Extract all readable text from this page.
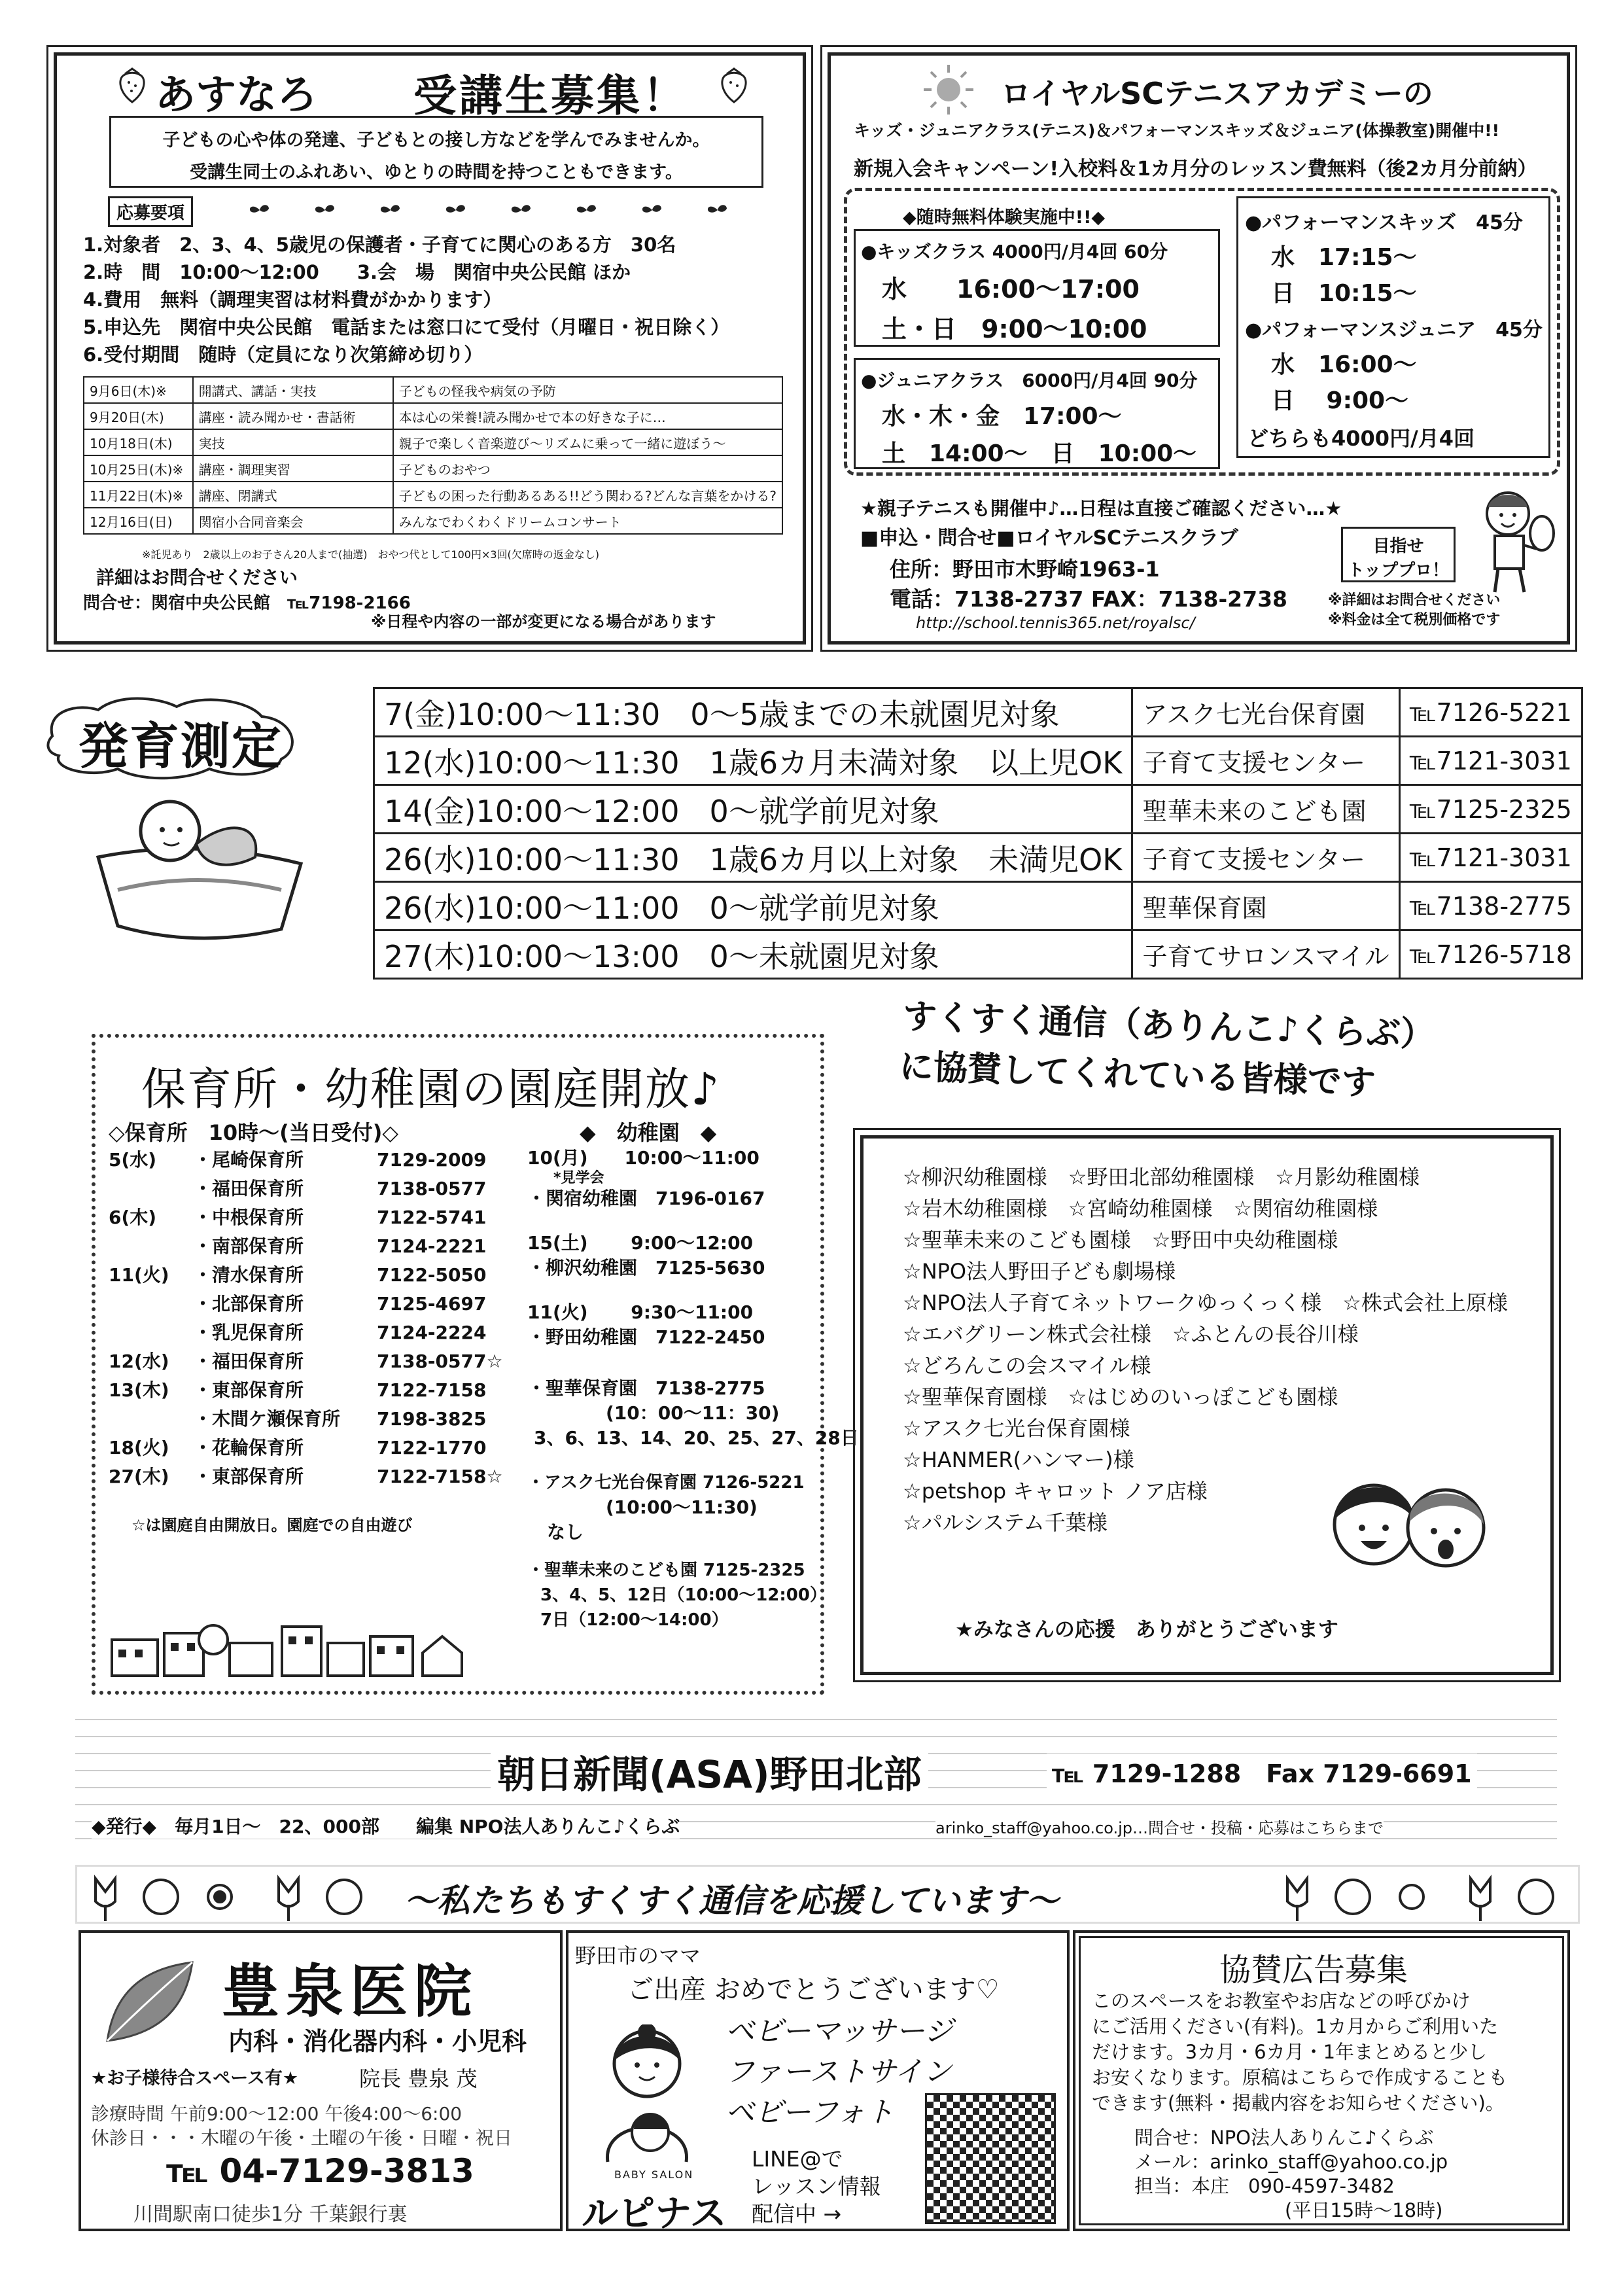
あすなろ 受講生募集！
子どもの心や体の発達、子どもとの接し方などを学んでみませんか。
受講生同士のふれあい、ゆとりの時間を持つこともできます。
応募要項
1.対象者　2、3、4、5歳児の保護者・子育てに関心のある方　30名
2.時　間　10:00～12:00　　3.会　場　関宿中央公民館 ほか
4.費用　無料（調理実習は材料費がかかります）
5.申込先　関宿中央公民館　電話または窓口にて受付（月曜日・祝日除く）
6.受付期間　随時（定員になり次第締め切り）
9月6日(木)※	開講式、講話・実技	子どもの怪我や病気の予防
9月20日(木)	講座・読み聞かせ・書話術	本は心の栄養!読み聞かせで本の好きな子に…
10月18日(木)	実技	親子で楽しく音楽遊び～リズムに乗って一緒に遊ぼう～
10月25日(木)※	講座・調理実習	子どものおやつ
11月22日(木)※	講座、閉講式	子どもの困った行動あるある!!どう関わる?どんな言葉をかける?
12月16日(日)	関宿小合同音楽会	みんなでわくわくドリームコンサート
※託児あり　2歳以上のお子さん20人まで(抽選)　おやつ代として100円×3回(欠席時の返金なし)
詳細はお問合せください
問合せ：関宿中央公民館　℡7198-2166
※日程や内容の一部が変更になる場合があります
ロイヤルSCテニスアカデミーの
キッズ・ジュニアクラス(テニス)＆パフォーマンスキッズ＆ジュニア(体操教室)開催中!!
新規入会キャンペーン!入校料＆1カ月分のレッスン費無料（後2カ月分前納）
◆随時無料体験実施中!!◆
●キッズクラス 4000円/月4回 60分
水　　16:00～17:00
土・日　9:00～10:00
●ジュニアクラス　6000円/月4回 90分
水・木・金　17:00～
土　14:00～　日　10:00～
●パフォーマンスキッズ　45分
水　17:15～
日　10:15～
●パフォーマンスジュニア　45分
水　16:00～
日　 9:00～
どちらも4000円/月4回
★親子テニスも開催中♪…日程は直接ご確認ください…★
■申込・問合せ■ロイヤルSCテニスクラブ
住所：野田市木野崎1963-1
電話：7138-2737 FAX：7138-2738
http://school.tennis365.net/royalsc/
※詳細はお問合せください
※料金は全て税別価格です
目指せ
トッププロ！
発育測定
7(金)10:00～11:30　0～5歳までの未就園児対象	アスク七光台保育園	℡7126-5221
12(水)10:00～11:30　1歳6カ月未満対象　以上児OK	子育て支援センター	℡7121-3031
14(金)10:00～12:00　0～就学前児対象	聖華未来のこども園	℡7125-2325
26(水)10:00～11:30　1歳6カ月以上対象　未満児OK	子育て支援センター	℡7121-3031
26(水)10:00～11:00　0～就学前児対象	聖華保育園	℡7138-2775
27(木)10:00～13:00　0～未就園児対象	子育てサロンスマイル	℡7126-5718
保育所・幼稚園の園庭開放♪
◇保育所　10時～(当日受付)◇
5(水)	・尾崎保育所	7129-2009
・福田保育所	7138-0577
6(木)	・中根保育所	7122-5741
・南部保育所	7124-2221
11(火)	・清水保育所	7122-5050
・北部保育所	7125-4697
・乳児保育所	7124-2224
12(水)	・福田保育所	7138-0577☆
13(木)	・東部保育所	7122-7158
・木間ケ瀬保育所	7198-3825
18(火)	・花輪保育所	7122-1770
27(木)	・東部保育所	7122-7158☆
☆は園庭自由開放日。園庭での自由遊び
◆　幼稚園　◆
10(月)　　10:00～11:00
*見学会
・関宿幼稚園　7196-0167
15(土)　　 9:00～12:00
・柳沢幼稚園　7125-5630
11(火)　　 9:30～11:00
・野田幼稚園　7122-2450
・聖華保育園　7138-2775
(10：00～11：30)
3、6、13、14、20、25、27、28日
・アスク七光台保育園 7126-5221
(10:00～11:30)
なし
・聖華未来のこども園 7125-2325
3、4、5、12日（10:00～12:00）
7日（12:00～14:00）
すくすく通信（ありんこ♪くらぶ）
に協賛してくれている皆様です
☆柳沢幼稚園様　☆野田北部幼稚園様　☆月影幼稚園様
☆岩木幼稚園様　☆宮崎幼稚園様　☆関宿幼稚園様
☆聖華未来のこども園様　☆野田中央幼稚園様
☆NPO法人野田子ども劇場様
☆NPO法人子育てネットワークゆっくっく様　☆株式会社上原様
☆エバグリーン株式会社様　☆ふとんの長谷川様
☆どろんこの会スマイル様
☆聖華保育園様　☆はじめのいっぽこども園様
☆アスク七光台保育園様
☆HANMER(ハンマー)様
☆petshop キャロット ノア店様
☆パルシステム千葉様
★みなさんの応援　ありがとうございます
朝日新聞(ASA)野田北部	℡ 7129-1288　Fax 7129-6691
◆発行◆　毎月1日～　22、000部　　編集 NPO法人ありんこ♪くらぶ	arinko_staff@yahoo.co.jp…問合せ・投稿・応募はこちらまで
～私たちもすくすく通信を応援しています～
豊泉医院
内科・消化器内科・小児科
★お子様待合スペース有★	院長 豊泉 茂
診療時間 午前9:00～12:00 午後4:00～6:00
休診日・・・木曜の午後・土曜の午後・日曜・祝日
℡ 04-7129-3813
川間駅南口徒歩1分 千葉銀行裏
野田市のママ
ご出産 おめでとうございます♡
ベビーマッサージ
ファーストサイン
ベビーフォト
LINE@で
レッスン情報
配信中 →
BABY SALON
ルピナス
協賛広告募集
このスペースをお教室やお店などの呼びかけ
にご活用ください(有料)。1カ月からご利用いた
だけます。3カ月・6カ月・1年まとめると少し
お安くなります。原稿はこちらで作成することも
できます(無料・掲載内容をお知らせください)。
問合せ：NPO法人ありんこ♪くらぶ
メール：arinko_staff@yahoo.co.jp
担当：本庄　090-4597-3482
(平日15時～18時)
